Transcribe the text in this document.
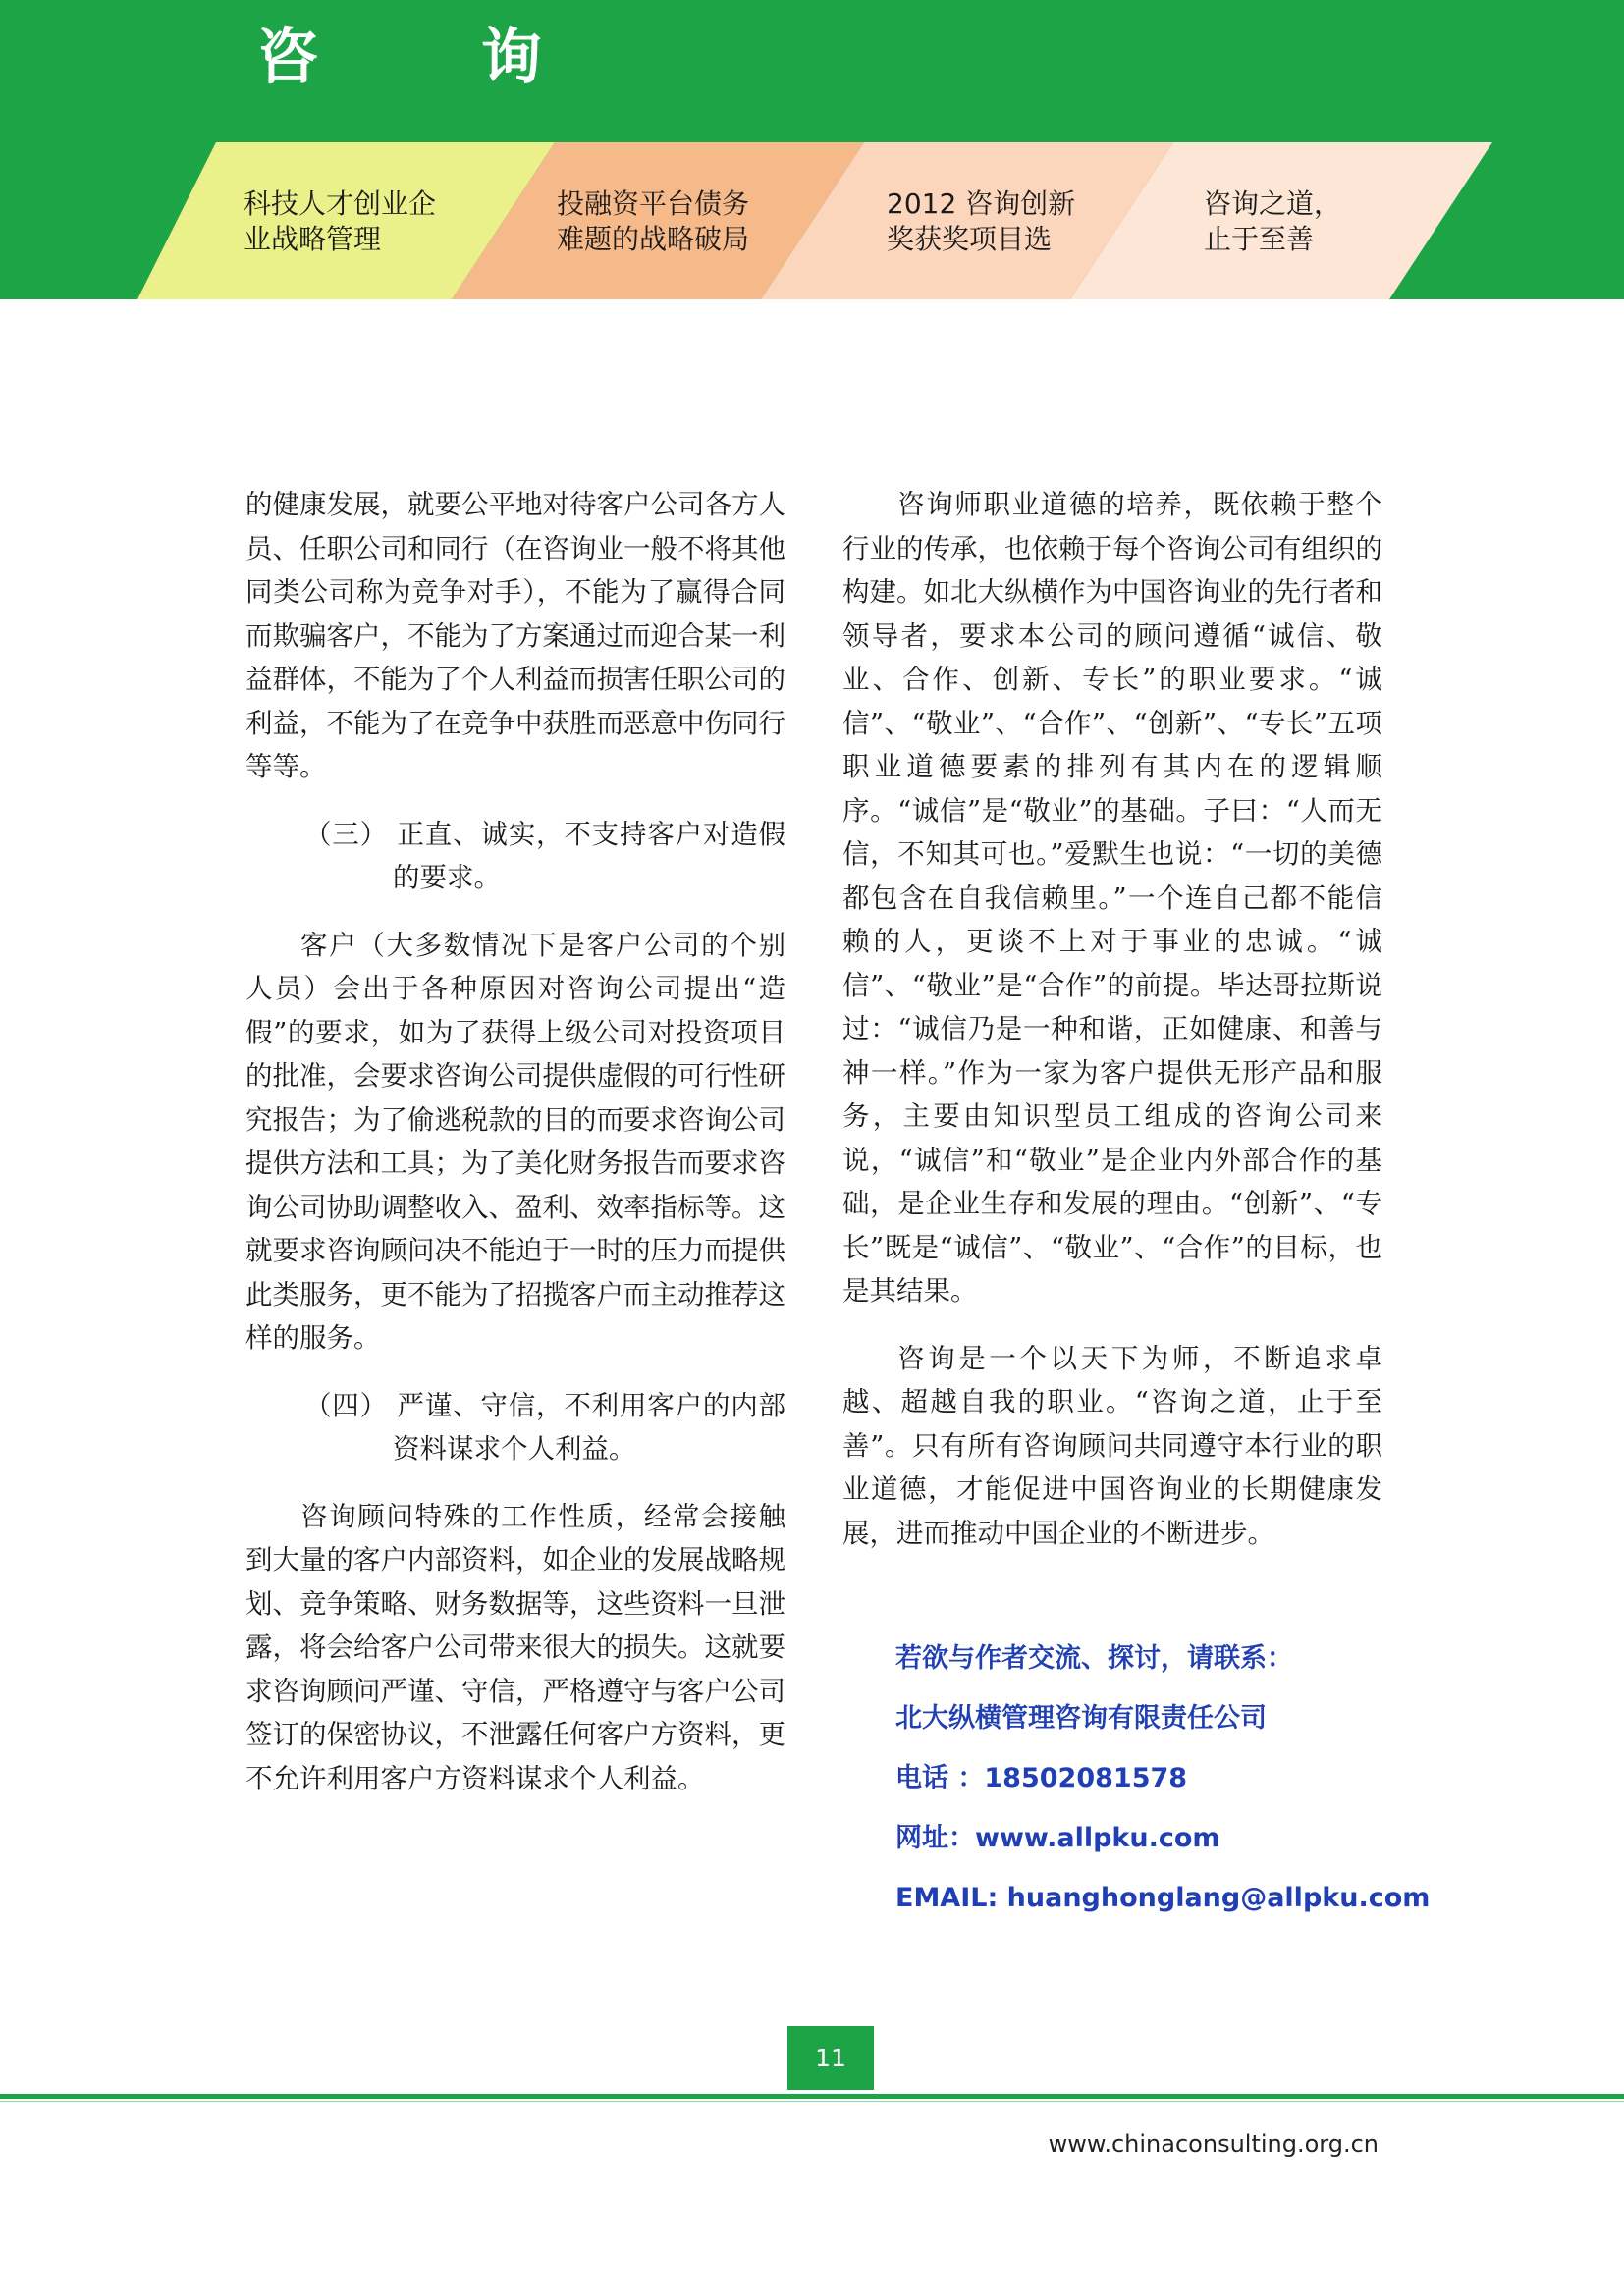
咨 询
科技人才创业企
业战略管理
投融资平台债务
难题的战略破局
2012 咨询创新
奖获奖项目选
咨询之道，
止于至善

的健康发展，就要公平地对待客户公司各方人员、任职公司和同行（在咨询业一般不将其他同类公司称为竞争对手），不能为了赢得合同而欺骗客户，不能为了方案通过而迎合某一利益群体，不能为了个人利益而损害任职公司的利益，不能为了在竞争中获胜而恶意中伤同行等等。

（三） 正直、诚实，不支持客户对造假的要求。

客户（大多数情况下是客户公司的个别人员）会出于各种原因对咨询公司提出“造假”的要求，如为了获得上级公司对投资项目的批准，会要求咨询公司提供虚假的可行性研究报告；为了偷逃税款的目的而要求咨询公司提供方法和工具；为了美化财务报告而要求咨询公司协助调整收入、盈利、效率指标等。这就要求咨询顾问决不能迫于一时的压力而提供此类服务，更不能为了招揽客户而主动推荐这样的服务。

（四） 严谨、守信，不利用客户的内部资料谋求个人利益。

咨询顾问特殊的工作性质，经常会接触到大量的客户内部资料，如企业的发展战略规划、竞争策略、财务数据等，这些资料一旦泄露，将会给客户公司带来很大的损失。这就要求咨询顾问严谨、守信，严格遵守与客户公司签订的保密协议，不泄露任何客户方资料，更不允许利用客户方资料谋求个人利益。

咨询师职业道德的培养，既依赖于整个行业的传承，也依赖于每个咨询公司有组织的构建。如北大纵横作为中国咨询业的先行者和领导者，要求本公司的顾问遵循“诚信、敬业、合作、创新、专长”的职业要求。“诚信”、“敬业”、“合作”、“创新”、“专长”五项职业道德要素的排列有其内在的逻辑顺序。“诚信”是“敬业”的基础。子曰：“人而无信，不知其可也。”爱默生也说：“一切的美德都包含在自我信赖里。”一个连自己都不能信赖的人，更谈不上对于事业的忠诚。“诚信”、“敬业”是“合作”的前提。毕达哥拉斯说过：“诚信乃是一种和谐，正如健康、和善与神一样。”作为一家为客户提供无形产品和服务，主要由知识型员工组成的咨询公司来说，“诚信”和“敬业”是企业内外部合作的基础，是企业生存和发展的理由。“创新”、“专长”既是“诚信”、“敬业”、“合作”的目标，也是其结果。

咨询是一个以天下为师，不断追求卓越、超越自我的职业。“咨询之道，止于至善”。只有所有咨询顾问共同遵守本行业的职业道德，才能促进中国咨询业的长期健康发展，进而推动中国企业的不断进步。

若欲与作者交流、探讨，请联系：
北大纵横管理咨询有限责任公司
电话 ：18502081578
网址：www.allpku.com
EMAIL: huanghonglang@allpku.com
11
www.chinaconsulting.org.cn
